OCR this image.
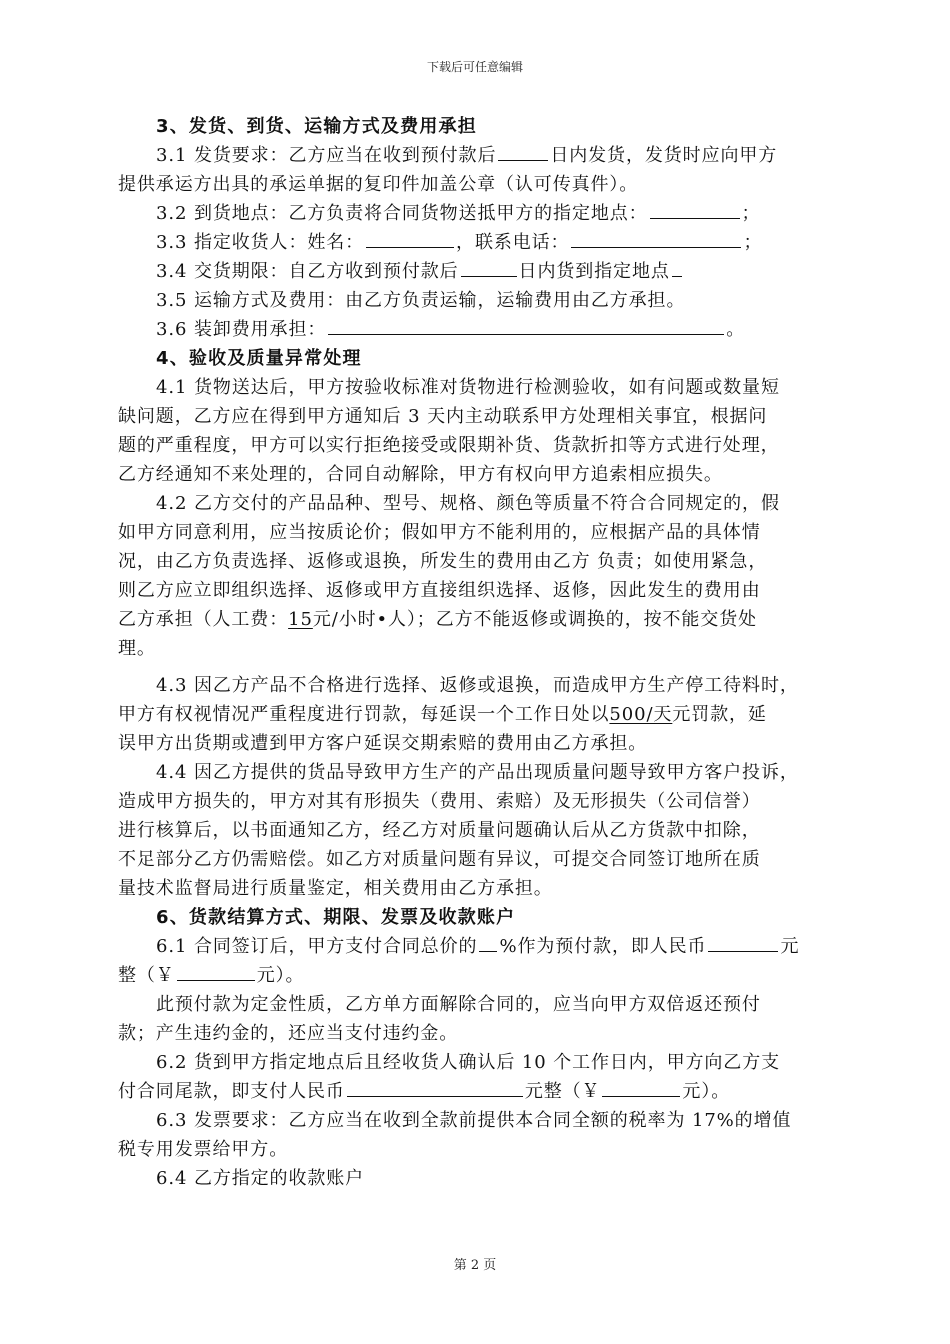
下载后可任意编辑
3、发货、到货、运输方式及费用承担
3.1 发货要求：乙方应当在收到预付款后	日内发货，发货时应向甲方
提供承运方出具的承运单据的复印件加盖公章（认可传真件）。
3.2 到货地点：乙方负责将合同货物送抵甲方的指定地点：	；
3.3 指定收货人：姓名：	，联系电话：	；
3.4 交货期限：自乙方收到预付款后	日内货到指定地点
3.5 运输方式及费用：由乙方负责运输，运输费用由乙方承担。
3.6 装卸费用承担：	。
4、验收及质量异常处理
4.1 货物送达后，甲方按验收标准对货物进行检测验收，如有问题或数量短
缺问题，乙方应在得到甲方通知后 3 天内主动联系甲方处理相关事宜，根据问
题的严重程度，甲方可以实行拒绝接受或限期补货、货款折扣等方式进行处理，
乙方经通知不来处理的，合同自动解除，甲方有权向甲方追索相应损失。
4.2 乙方交付的产品品种、型号、规格、颜色等质量不符合合同规定的，假
如甲方同意利用，应当按质论价；假如甲方不能利用的，应根据产品的具体情
况，由乙方负责选择、返修或退换，所发生的费用由乙方 负责；如使用紧急，
则乙方应立即组织选择、返修或甲方直接组织选择、返修，因此发生的费用由
乙方承担（人工费：15元/小时•人）；乙方不能返修或调换的，按不能交货处
理。
4.3 因乙方产品不合格进行选择、返修或退换，而造成甲方生产停工待料时，
甲方有权视情况严重程度进行罚款，每延误一个工作日处以500/天元罚款，延
误甲方出货期或遭到甲方客户延误交期索赔的费用由乙方承担。
4.4 因乙方提供的货品导致甲方生产的产品出现质量问题导致甲方客户投诉，
造成甲方损失的，甲方对其有形损失（费用、索赔）及无形损失（公司信誉）
进行核算后，以书面通知乙方，经乙方对质量问题确认后从乙方货款中扣除，
不足部分乙方仍需赔偿。如乙方对质量问题有异议，可提交合同签订地所在质
量技术监督局进行质量鉴定，相关费用由乙方承担。
6、货款结算方式、期限、发票及收款账户
6.1 合同签订后，甲方支付合同总价的 %作为预付款，即人民币	元
整（￥	元）。
此预付款为定金性质，乙方单方面解除合同的，应当向甲方双倍返还预付
款；产生违约金的，还应当支付违约金。
6.2 货到甲方指定地点后且经收货人确认后 10 个工作日内，甲方向乙方支
付合同尾款，即支付人民币	元整（￥	元）。
6.3 发票要求：乙方应当在收到全款前提供本合同全额的税率为 17%的增值
税专用发票给甲方。
6.4 乙方指定的收款账户
第 2 页
